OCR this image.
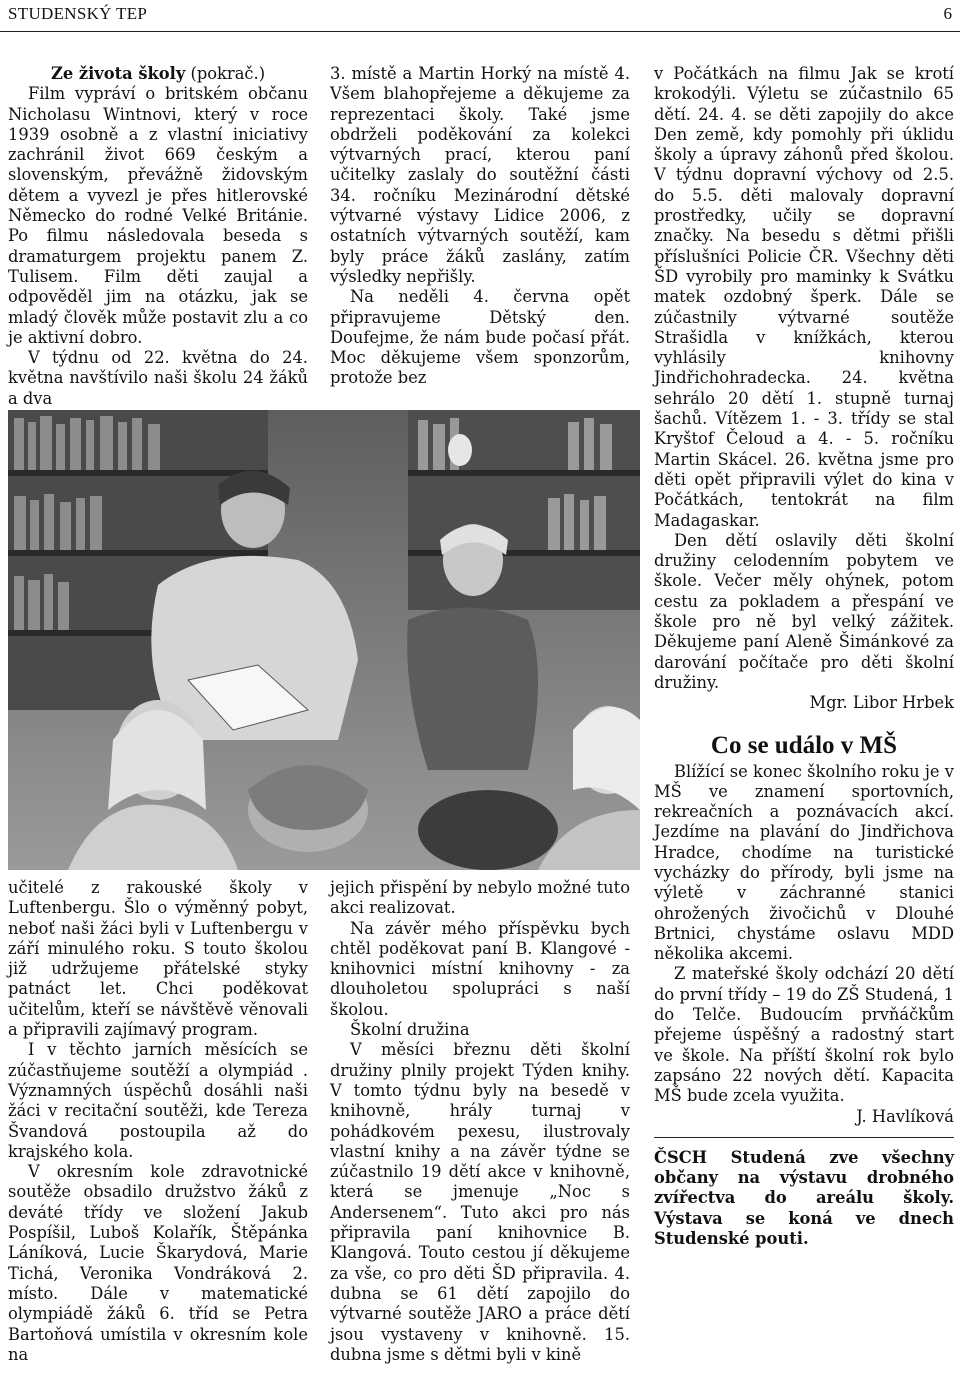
STUDENSKÝ TEP	6

Ze života školy (pokrač.)

Film vypráví o britském občanu Nicholasu Wintnovi, který v roce 1939 osobně a z vlastní iniciativy zachránil život 669 českým a slovenským, převážně židovským dětem a vyvezl je přes hitlerovské Německo do rodné Velké Británie. Po filmu následovala beseda s dramaturgem projektu panem Z. Tulisem. Film děti zaujal a odpověděl jim na otázku, jak se mladý člověk může postavit zlu a co je aktivní dobro.

V týdnu od 22. května do 24. května navštívilo naši školu 24 žáků a dva

3. místě a Martin Horký na místě 4. Všem blahopřejeme a děkujeme za reprezentaci školy. Také jsme obdrželi poděkování za kolekci výtvarných prací, kterou paní učitelky zaslaly do soutěžní části 34. ročníku Mezinárodní dětské výtvarné výstavy Lidice 2006, z ostatních výtvarných soutěží, kam byly práce žáků zaslány, zatím výsledky nepřišly.

Na neděli 4. června opět připravujeme Dětský den. Doufejme, že nám bude počasí přát. Moc děkujeme všem sponzorům, protože bez

učitelé z rakouské školy v Luftenbergu. Šlo o výměnný pobyt, neboť naši žáci byli v Luftenbergu v září minulého roku. S touto školou již udržujeme přátelské styky patnáct let. Chci poděkovat učitelům, kteří se návštěvě věnovali a připravili zajímavý program.

I v těchto jarních měsících se zúčastňujeme soutěží a olympiád . Významných úspěchů dosáhli naši žáci v recitační soutěži, kde Tereza Švandová postoupila až do krajského kola.

V okresním kole zdravotnické soutěže obsadilo družstvo žáků z deváté třídy ve složení Jakub Pospíšil, Luboš Kolařík, Štěpánka Láníková, Lucie Škarydová, Marie Tichá, Veronika Vondráková 2. místo. Dále v matematické olympiádě žáků 6. tříd se Petra Bartoňová umístila v okresním kole na

jejich přispění by nebylo možné tuto akci realizovat.

Na závěr mého příspěvku bych chtěl poděkovat paní B. Klangové - knihovnici místní knihovny - za dlouholetou spolupráci s naší školou.

Školní družina

V měsíci březnu děti školní družiny plnily projekt Týden knihy. V tomto týdnu byly na besedě v knihovně, hrály turnaj v pohádkovém pexesu, ilustrovaly vlastní knihy a na závěr týdne se zúčastnilo 19 dětí akce v knihovně, která se jmenuje „Noc s Andersenem“. Tuto akci pro nás připravila paní knihovnice B. Klangová. Touto cestou jí děkujeme za vše, co pro děti ŠD připravila. 4. dubna se 61 dětí zapojilo do výtvarné soutěže JARO a práce dětí jsou vystaveny v knihovně. 15. dubna jsme s dětmi byli v kině

v Počátkách na filmu Jak se krotí krokodýli. Výletu se zúčastnilo 65 dětí. 24. 4. se děti zapojily do akce Den země, kdy pomohly při úklidu školy a úpravy záhonů před školou. V týdnu dopravní výchovy od 2.5. do 5.5. děti malovaly dopravní prostředky, učily se dopravní značky. Na besedu s dětmi přišli příslušníci Policie ČR. Všechny děti ŠD vyrobily pro maminky k Svátku matek ozdobný šperk. Dále se zúčastnily výtvarné soutěže Strašidla v knížkách, kterou vyhlásily knihovny Jindřichohradecka. 24. května sehrálo 20 dětí 1. stupně turnaj šachů. Vítězem 1. - 3. třídy se stal Kryštof Čeloud a 4. - 5. ročníku Martin Skácel. 26. května jsme pro děti opět připravili výlet do kina v Počátkách, tentokrát na film Madagaskar.

Den dětí oslavily děti školní družiny celodenním pobytem ve škole. Večer měly ohýnek, potom cestu za pokladem a přespání ve škole pro ně byl velký zážitek. Děkujeme paní Aleně Šimánkové za darování počítače pro děti školní družiny.

Mgr. Libor Hrbek

Co se událo v MŠ

Blížící se konec školního roku je v MŠ ve znamení sportovních, rekreačních a poznávacích akcí. Jezdíme na plavání do Jindřichova Hradce, chodíme na turistické vycházky do přírody, byli jsme na výletě v záchranné stanici ohrožených živočichů v Dlouhé Brtnici, chystáme oslavu MDD několika akcemi.

Z mateřské školy odchází 20 dětí do první třídy – 19 do ZŠ Studená, 1 do Telče. Budoucím prvňáčkům přejeme úspěšný a radostný start ve škole. Na příští školní rok bylo zapsáno 22 nových dětí. Kapacita MŠ bude zcela využita.

J. Havlíková

ČSCH Studená zve všechny občany na výstavu drobného zvířectva do areálu školy. Výstava se koná ve dnech Studenské pouti.
